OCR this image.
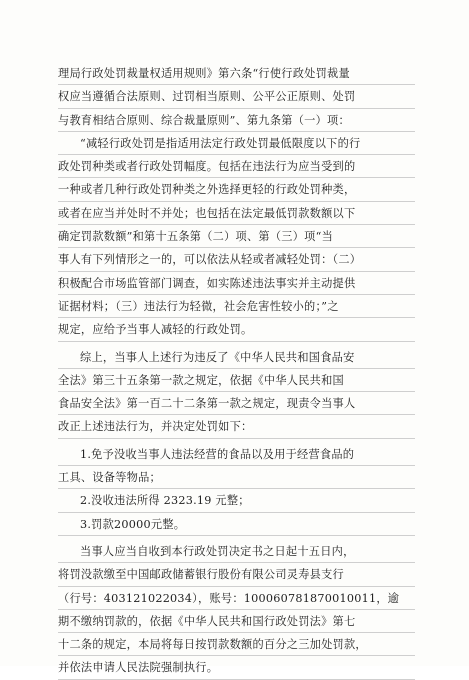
理局行政处罚裁量权适用规则》第六条“行使行政处罚裁量
权应当遵循合法原则、过罚相当原则、公平公正原则、处罚
与教育相结合原则、综合裁量原则”、第九条第（一）项：
“减轻行政处罚是指适用法定行政处罚最低限度以下的行
政处罚种类或者行政处罚幅度。包括在违法行为应当受到的
一种或者几种行政处罚种类之外选择更轻的行政处罚种类，
或者在应当并处时不并处；也包括在法定最低罚款数额以下
确定罚款数额”和第十五条第（二）项、第（三）项“当
事人有下列情形之一的，可以依法从轻或者减轻处罚：（二）
积极配合市场监管部门调查，如实陈述违法事实并主动提供
证据材料；（三）违法行为轻微，社会危害性较小的；”之
规定，应给予当事人减轻的行政处罚。
综上，当事人上述行为违反了《中华人民共和国食品安
全法》第三十五条第一款之规定，依据《中华人民共和国
食品安全法》第一百二十二条第一款之规定，现责令当事人
改正上述违法行为，并决定处罚如下：
1.免予没收当事人违法经营的食品以及用于经营食品的
工具、设备等物品；
2.没收违法所得 2323.19 元整；
3.罚款20000元整。
当事人应当自收到本行政处罚决定书之日起十五日内，
将罚没款缴至中国邮政储蓄银行股份有限公司灵寿县支行
（行号：403121022034），账号：100060781870010011，逾
期不缴纳罚款的，依据《中华人民共和国行政处罚法》第七
十二条的规定，本局将每日按罚款数额的百分之三加处罚款，
并依法申请人民法院强制执行。
